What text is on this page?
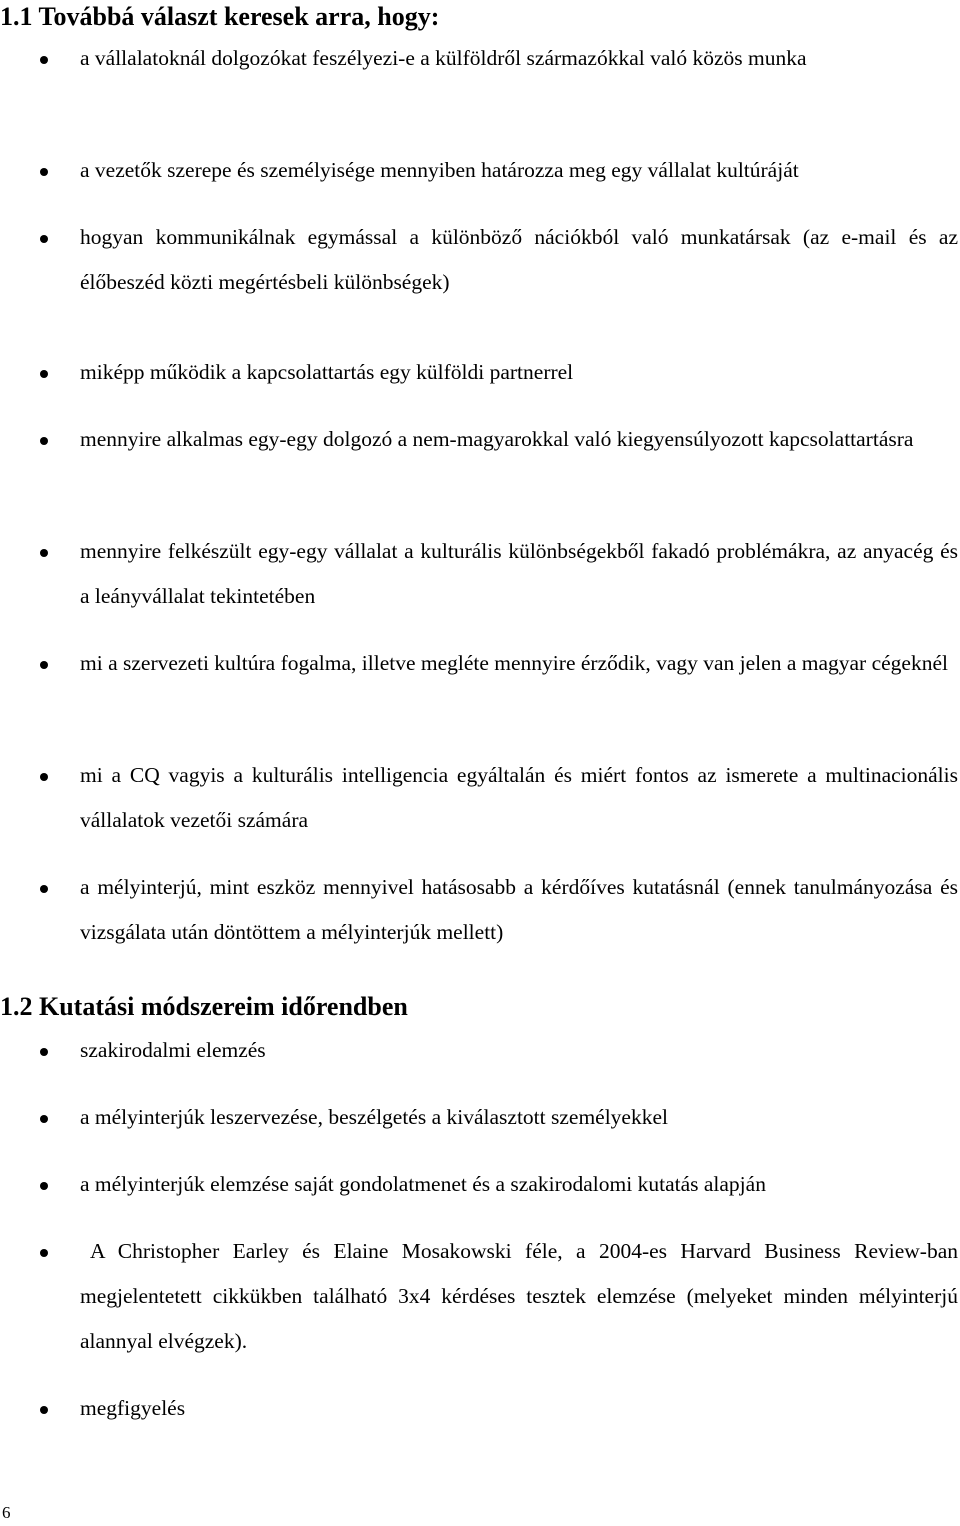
1.1 Továbbá választ keresek arra, hogy:
a vállalatoknál dolgozókat feszélyezi-e a külföldről származókkal való közös munka
a vezetők szerepe és személyisége mennyiben határozza meg egy vállalat kultúráját
hogyan kommunikálnak egymással a különböző nációkból való munkatársak (az e-mail és az élőbeszéd közti megértésbeli különbségek)
miképp működik a kapcsolattartás egy külföldi partnerrel
mennyire alkalmas egy-egy dolgozó a nem-magyarokkal való kiegyensúlyozott kapcsolattartásra
mennyire felkészült egy-egy vállalat a kulturális különbségekből fakadó problémákra, az anyacég és a leányvállalat tekintetében
mi a szervezeti kultúra fogalma, illetve megléte mennyire érződik, vagy van jelen a magyar cégeknél
mi a CQ vagyis a kulturális intelligencia egyáltalán és miért fontos az ismerete a multinacionális vállalatok vezetői számára
a mélyinterjú, mint eszköz mennyivel hatásosabb a kérdőíves kutatásnál (ennek tanulmányozása és vizsgálata után döntöttem a mélyinterjúk mellett)
1.2 Kutatási módszereim időrendben
szakirodalmi elemzés
a mélyinterjúk leszervezése, beszélgetés a kiválasztott személyekkel
a mélyinterjúk elemzése saját gondolatmenet és a szakirodalomi kutatás alapján
A Christopher Earley és Elaine Mosakowski féle, a 2004-es Harvard Business Review-ban megjelentetett cikkükben található 3x4 kérdéses tesztek elemzése (melyeket minden mélyinterjú alannyal elvégzek).
megfigyelés
6
